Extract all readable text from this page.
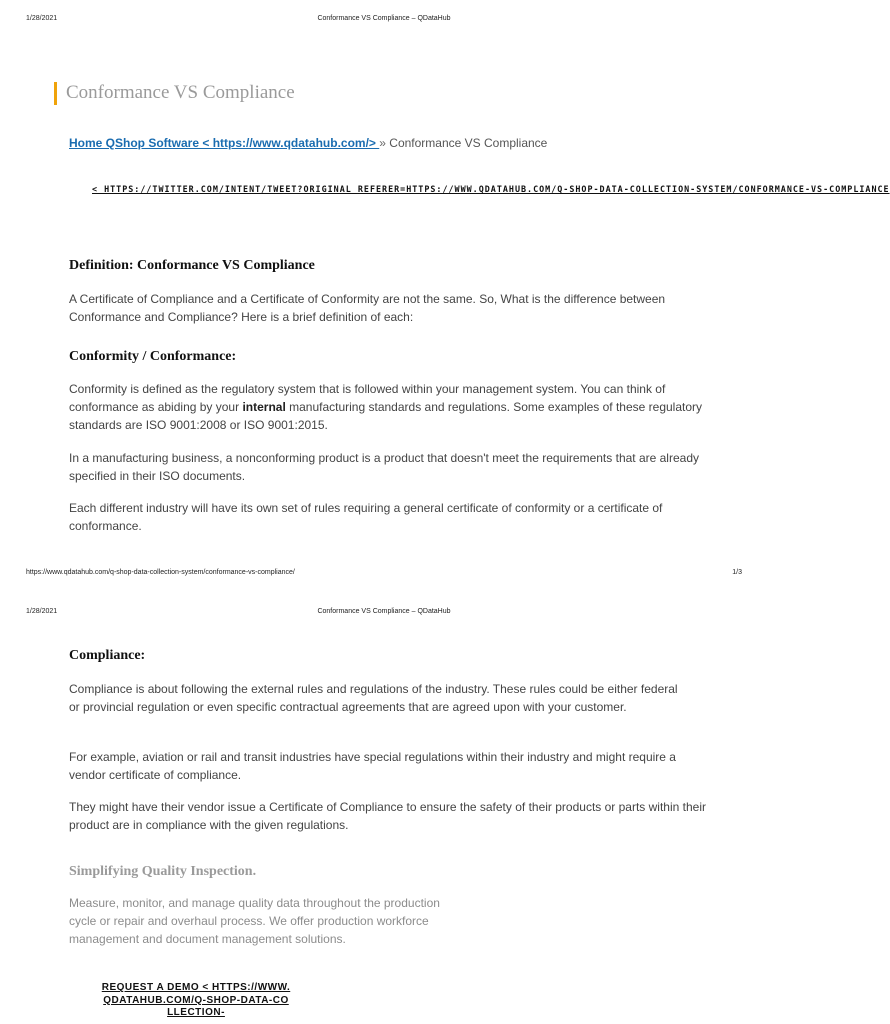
1/28/2021	Conformance VS Compliance – QDataHub
Conformance VS Compliance
Home QShop Software < https://www.qdatahub.com/> » Conformance VS Compliance
< HTTPS://TWITTER.COM/INTENT/TWEET?ORIGINAL_REFERER=HTTPS://WWW.QDATAHUB.COM/Q-SHOP-DATA-COLLECTION-SYSTEM/CONFORMANCE-VS-COMPLIANCE
Definition: Conformance VS Compliance
A Certificate of Compliance and a Certificate of Conformity are not the same. So, What is the difference between Conformance and Compliance? Here is a brief definition of each:
Conformity / Conformance:
Conformity is defined as the regulatory system that is followed within your management system. You can think of conformance as abiding by your internal manufacturing standards and regulations. Some examples of these regulatory standards are ISO 9001:2008 or ISO 9001:2015.
In a manufacturing business, a nonconforming product is a product that doesn't meet the requirements that are already specified in their ISO documents.
Each different industry will have its own set of rules requiring a general certificate of conformity or a certificate of conformance.
https://www.qdatahub.com/q-shop-data-collection-system/conformance-vs-compliance/	1/3
1/28/2021	Conformance VS Compliance – QDataHub
Compliance:
Compliance is about following the external rules and regulations of the industry. These rules could be either federal or provincial regulation or even specific contractual agreements that are agreed upon with your customer.
For example, aviation or rail and transit industries have special regulations within their industry and might require a vendor certificate of compliance.
They might have their vendor issue a Certificate of Compliance to ensure the safety of their products or parts within their product are in compliance with the given regulations.
Simplifying Quality Inspection.
Measure, monitor, and manage quality data throughout the production cycle or repair and overhaul process. We offer production workforce management and document management solutions.
REQUEST A DEMO < HTTPS://WWW.QDATAHUB.COM/Q-SHOP-DATA-COLLECTION-
